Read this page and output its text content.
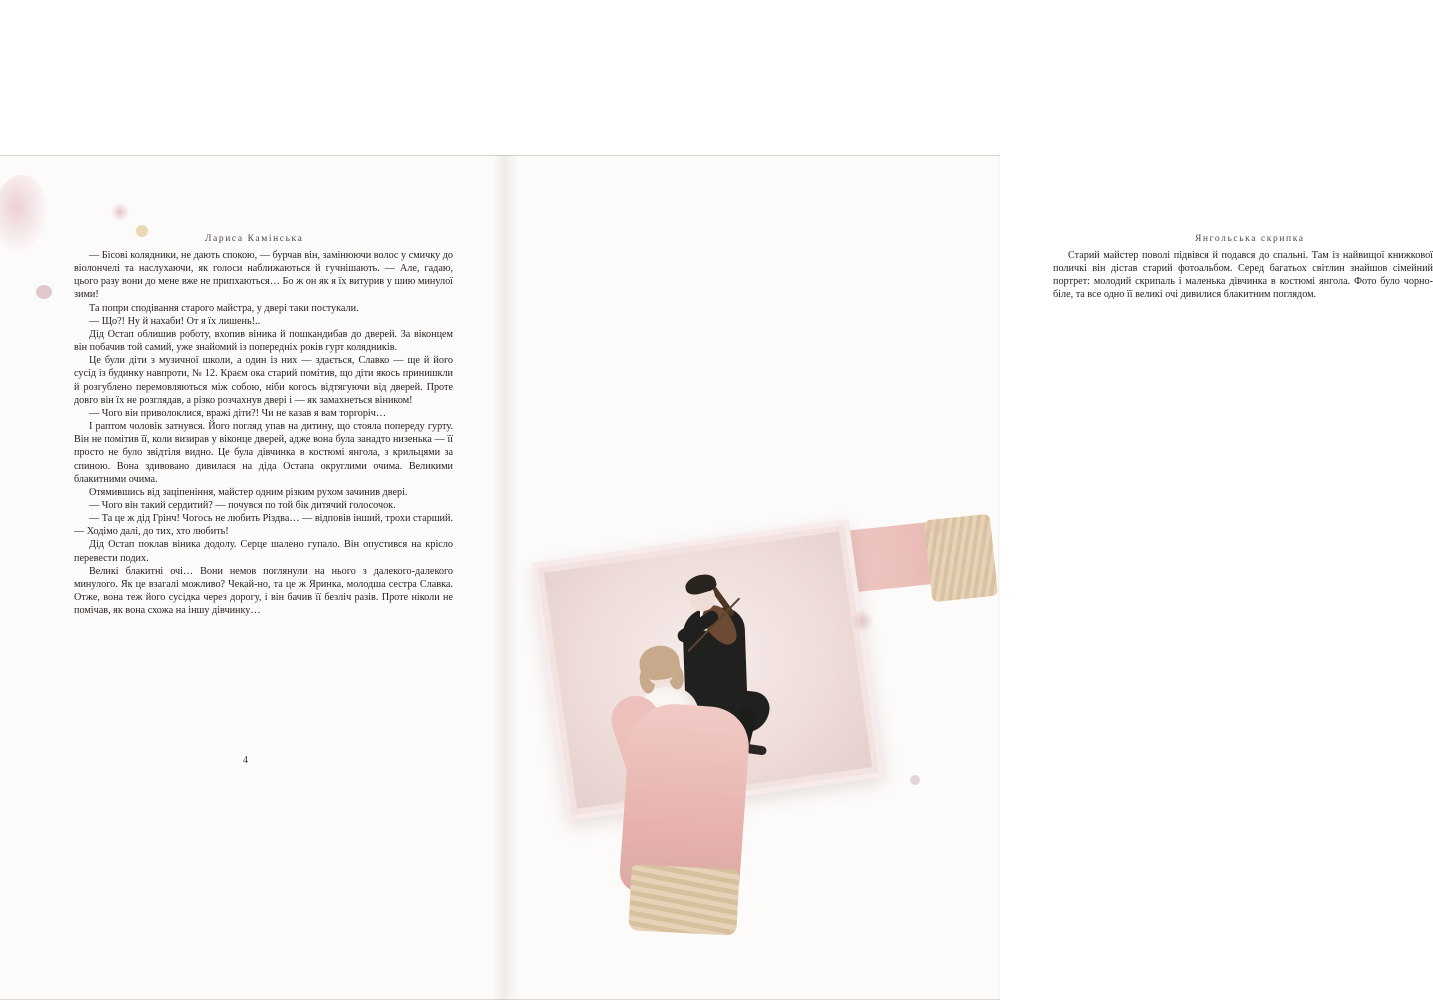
Лариса Камінська

— Бісові колядники, не дають спокою, — бурчав він, замінюючи волос у смичку до віолончелі та наслухаючи, як голоси наближаються й гучнішають. — Але, гадаю, цього разу вони до мене вже не припхаються… Бо ж он як я їх витурив у шию минулої зими!

Та попри сподівання старого майстра, у двері таки постукали.

— Що?! Ну й нахаби! От я їх лишень!..

Дід Остап облишив роботу, вхопив віника й пошкандибав до дверей. За віконцем він побачив той самий, уже знайомий із попередніх років гурт колядників.

Це були діти з музичної школи, а один із них — здається, Славко — ще й його сусід із будинку навпроти, № 12. Краєм ока старий помітив, що діти якось принишкли й розгублено перемовляються між собою, ніби когось відтягуючи від дверей. Проте довго він їх не розглядав, а різко розчахнув двері і — як замахнеться віником!

— Чого він приволоклися, вражі діти?! Чи не казав я вам торгоріч…

І раптом чоловік затнувся. Його погляд упав на дитину, що стояла попереду гурту. Він не помітив її, коли визирав у віконце дверей, адже вона була занадто низенька — її просто не було звідтіля видно. Це була дівчинка в костюмі янгола, з крильцями за спиною. Вона здивовано дивилася на діда Остапа округлими очима. Великими блакитними очима.

Отямившись від заціпеніння, майстер одним різким рухом зачинив двері.

— Чого він такий сердитий? — почувся по той бік дитячий голосочок.

— Та це ж дід Грінч! Чогось не любить Різдва… — відповів інший, трохи старший. — Ходімо далі, до тих, хто любить!

Дід Остап поклав віника додолу. Серце шалено гупало. Він опустився на крісло перевести подих.

Великі блакитні очі… Вони немов поглянули на нього з далекого-далекого минулого. Як це взагалі можливо? Чекай-но, та це ж Яринка, молодша сестра Славка. Отже, вона теж його сусідка через дорогу, і він бачив її безліч разів. Проте ніколи не помічав, як вона схожа на іншу дівчинку…

4
Янгольська скрипка

Старий майстер поволі підвівся й подався до спальні. Там із найвищої книжкової поличкі він дістав старий фотоальбом. Серед багатьох світлин знайшов сімейний портрет: молодий скрипаль і маленька дівчинка в костюмі янгола. Фото було чорно-біле, та все одно її великі очі дивилися блакитним поглядом.
